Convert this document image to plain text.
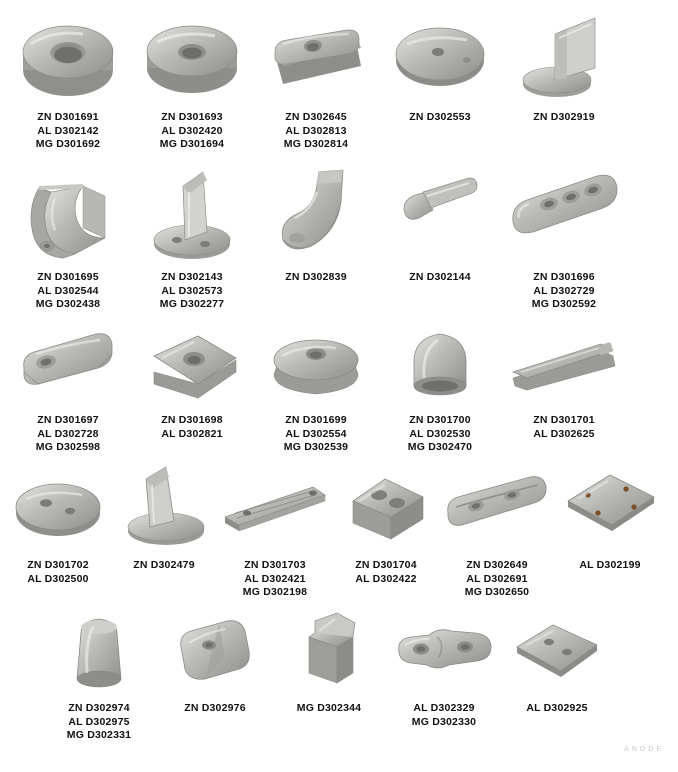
ZN D301691
AL D302142
MG D301692
ZN D301693
AL D302420
MG D301694
ZN D302645
AL D302813
MG D302814
ZN D302553	ZN D302919
ZN D301695
AL D302544
MG D302438
ZN D302143
AL D302573
MG D302277
ZN D302839	ZN D302144	ZN D301696
AL D302729
MG D302592
ZN D301697
AL D302728
MG D302598
ZN D301698
AL D302821
ZN D301699
AL D302554
MG D302539
ZN D301700
AL D302530
MG D302470
ZN D301701
AL D302625
ZN D301702
AL D302500
ZN D302479	ZN D301703
AL D302421
MG D302198
ZN D301704
AL D302422
ZN D302649
AL D302691
MG D302650
AL D302199
ZN D302974
AL D302975
MG D302331
ZN D302976	MG D302344	AL D302329
MG D302330
AL D302925
ANODE
